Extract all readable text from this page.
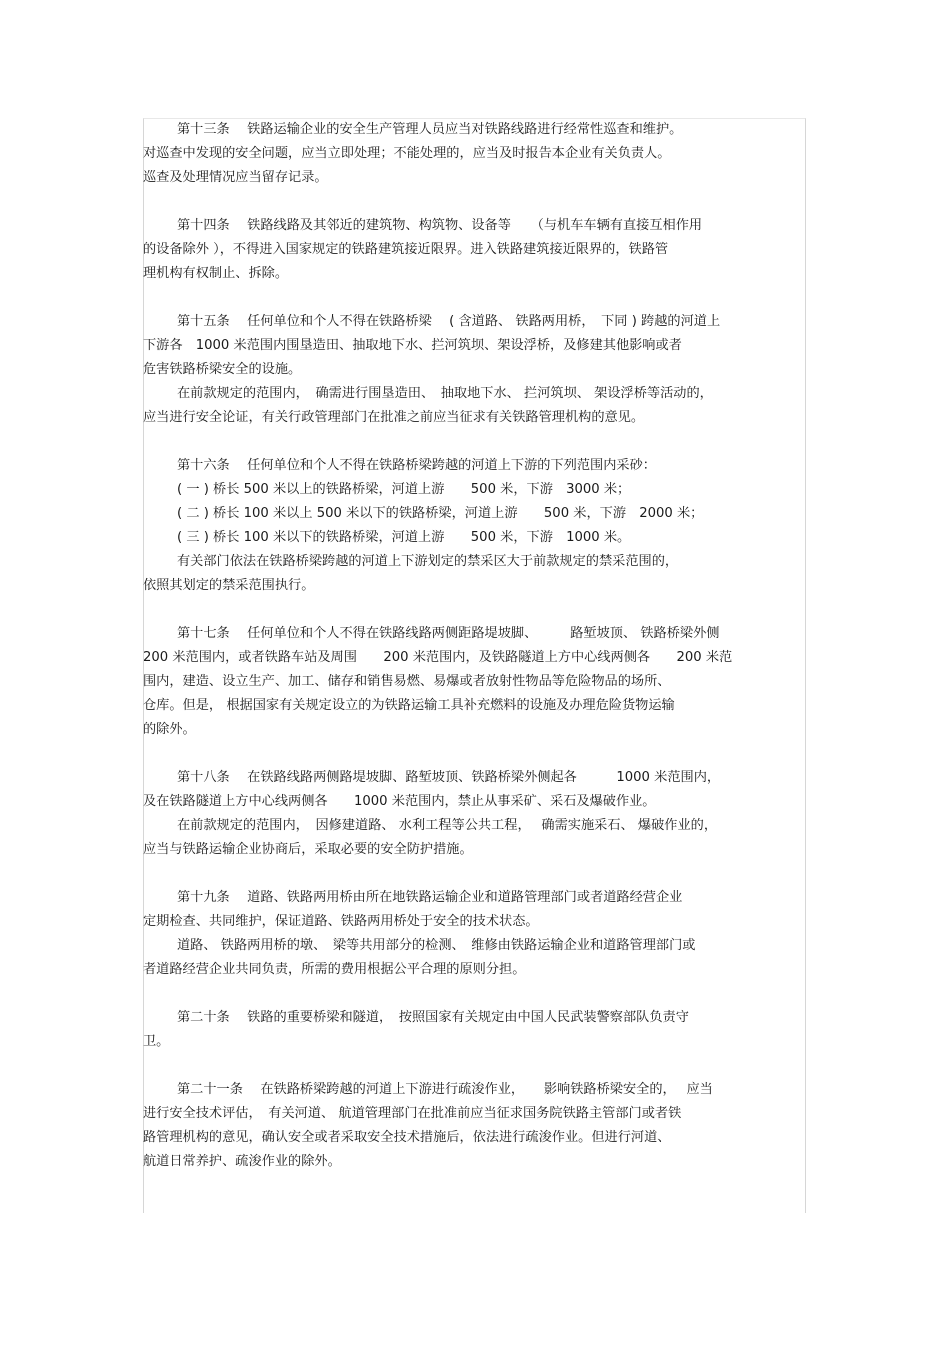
第十三条　 铁路运输企业的安全生产管理人员应当对铁路线路进行经常性巡查和维护。
对巡查中发现的安全问题，应当立即处理；不能处理的，应当及时报告本企业有关负责人。
巡查及处理情况应当留存记录。
第十四条　 铁路线路及其邻近的建筑物、构筑物、设备等　　（与机车车辆有直接互相作用
的设备除外 ），不得进入国家规定的铁路建筑接近限界。进入铁路建筑接近限界的，铁路管
理机构有权制止、拆除。
第十五条　 任何单位和个人不得在铁路桥梁　 ( 含道路、 铁路两用桥，　下同 ) 跨越的河道上
下游各　1000 米范围内围垦造田、抽取地下水、拦河筑坝、架设浮桥，及修建其他影响或者
危害铁路桥梁安全的设施。
在前款规定的范围内，　确需进行围垦造田、　抽取地下水、 拦河筑坝、 架设浮桥等活动的，
应当进行安全论证，有关行政管理部门在批准之前应当征求有关铁路管理机构的意见。
第十六条　 任何单位和个人不得在铁路桥梁跨越的河道上下游的下列范围内采砂：
( 一 ) 桥长 500 米以上的铁路桥梁，河道上游　　500 米，下游　3000 米；
( 二 ) 桥长 100 米以上 500 米以下的铁路桥梁，河道上游　　500 米，下游　2000 米；
( 三 ) 桥长 100 米以下的铁路桥梁，河道上游　　500 米，下游　1000 米。
有关部门依法在铁路桥梁跨越的河道上下游划定的禁采区大于前款规定的禁采范围的，
依照其划定的禁采范围执行。
第十七条　 任何单位和个人不得在铁路线路两侧距路堤坡脚、　　　路堑坡顶、 铁路桥梁外侧
200 米范围内，或者铁路车站及周围　　200 米范围内，及铁路隧道上方中心线两侧各　　200 米范
围内，建造、设立生产、加工、储存和销售易燃、易爆或者放射性物品等危险物品的场所、
仓库。但是， 根据国家有关规定设立的为铁路运输工具补充燃料的设施及办理危险货物运输
的除外。
第十八条　 在铁路线路两侧路堤坡脚、路堑坡顶、铁路桥梁外侧起各　　　1000 米范围内，
及在铁路隧道上方中心线两侧各　　1000 米范围内，禁止从事采矿、采石及爆破作业。
在前款规定的范围内，　因修建道路、 水利工程等公共工程，　 确需实施采石、 爆破作业的，
应当与铁路运输企业协商后，采取必要的安全防护措施。
第十九条　 道路、铁路两用桥由所在地铁路运输企业和道路管理部门或者道路经营企业
定期检查、共同维护，保证道路、铁路两用桥处于安全的技术状态。
道路、 铁路两用桥的墩、　梁等共用部分的检测、　维修由铁路运输企业和道路管理部门或
者道路经营企业共同负责，所需的费用根据公平合理的原则分担。
第二十条　 铁路的重要桥梁和隧道，　按照国家有关规定由中国人民武装警察部队负责守
卫。
第二十一条　 在铁路桥梁跨越的河道上下游进行疏浚作业，　　影响铁路桥梁安全的，　 应当
进行安全技术评估，　有关河道、 航道管理部门在批准前应当征求国务院铁路主管部门或者铁
路管理机构的意见，确认安全或者采取安全技术措施后，依法进行疏浚作业。但进行河道、
航道日常养护、疏浚作业的除外。
